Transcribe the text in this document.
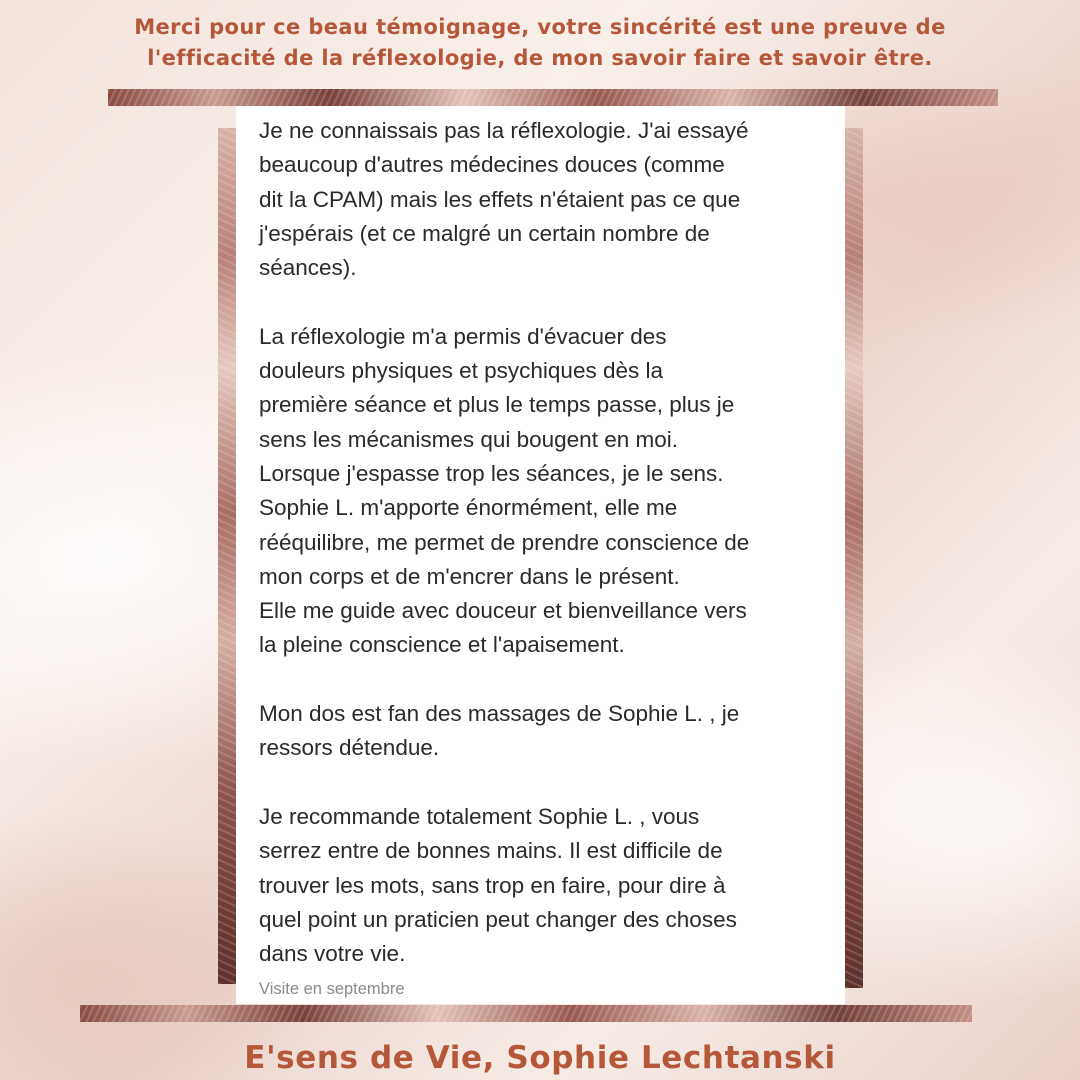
Merci pour ce beau témoignage, votre sincérité est une preuve de
l'efficacité de la réflexologie, de mon savoir faire et savoir être.

Je ne connaissais pas la réflexologie. J'ai essayé
beaucoup d'autres médecines douces (comme
dit la CPAM) mais les effets n'étaient pas ce que
j'espérais (et ce malgré un certain nombre de
séances).

La réflexologie m'a permis d'évacuer des
douleurs physiques et psychiques dès la
première séance et plus le temps passe, plus je
sens les mécanismes qui bougent en moi.
Lorsque j'espasse trop les séances, je le sens.
Sophie L. m'apporte énormément, elle me
rééquilibre, me permet de prendre conscience de
mon corps et de m'encrer dans le présent.
Elle me guide avec douceur et bienveillance vers
la pleine conscience et l'apaisement.

Mon dos est fan des massages de Sophie L. , je
ressors détendue.

Je recommande totalement Sophie L. , vous
serrez entre de bonnes mains. Il est difficile de
trouver les mots, sans trop en faire, pour dire à
quel point un praticien peut changer des choses
dans votre vie.

Visite en septembre

E'sens de Vie, Sophie Lechtanski
